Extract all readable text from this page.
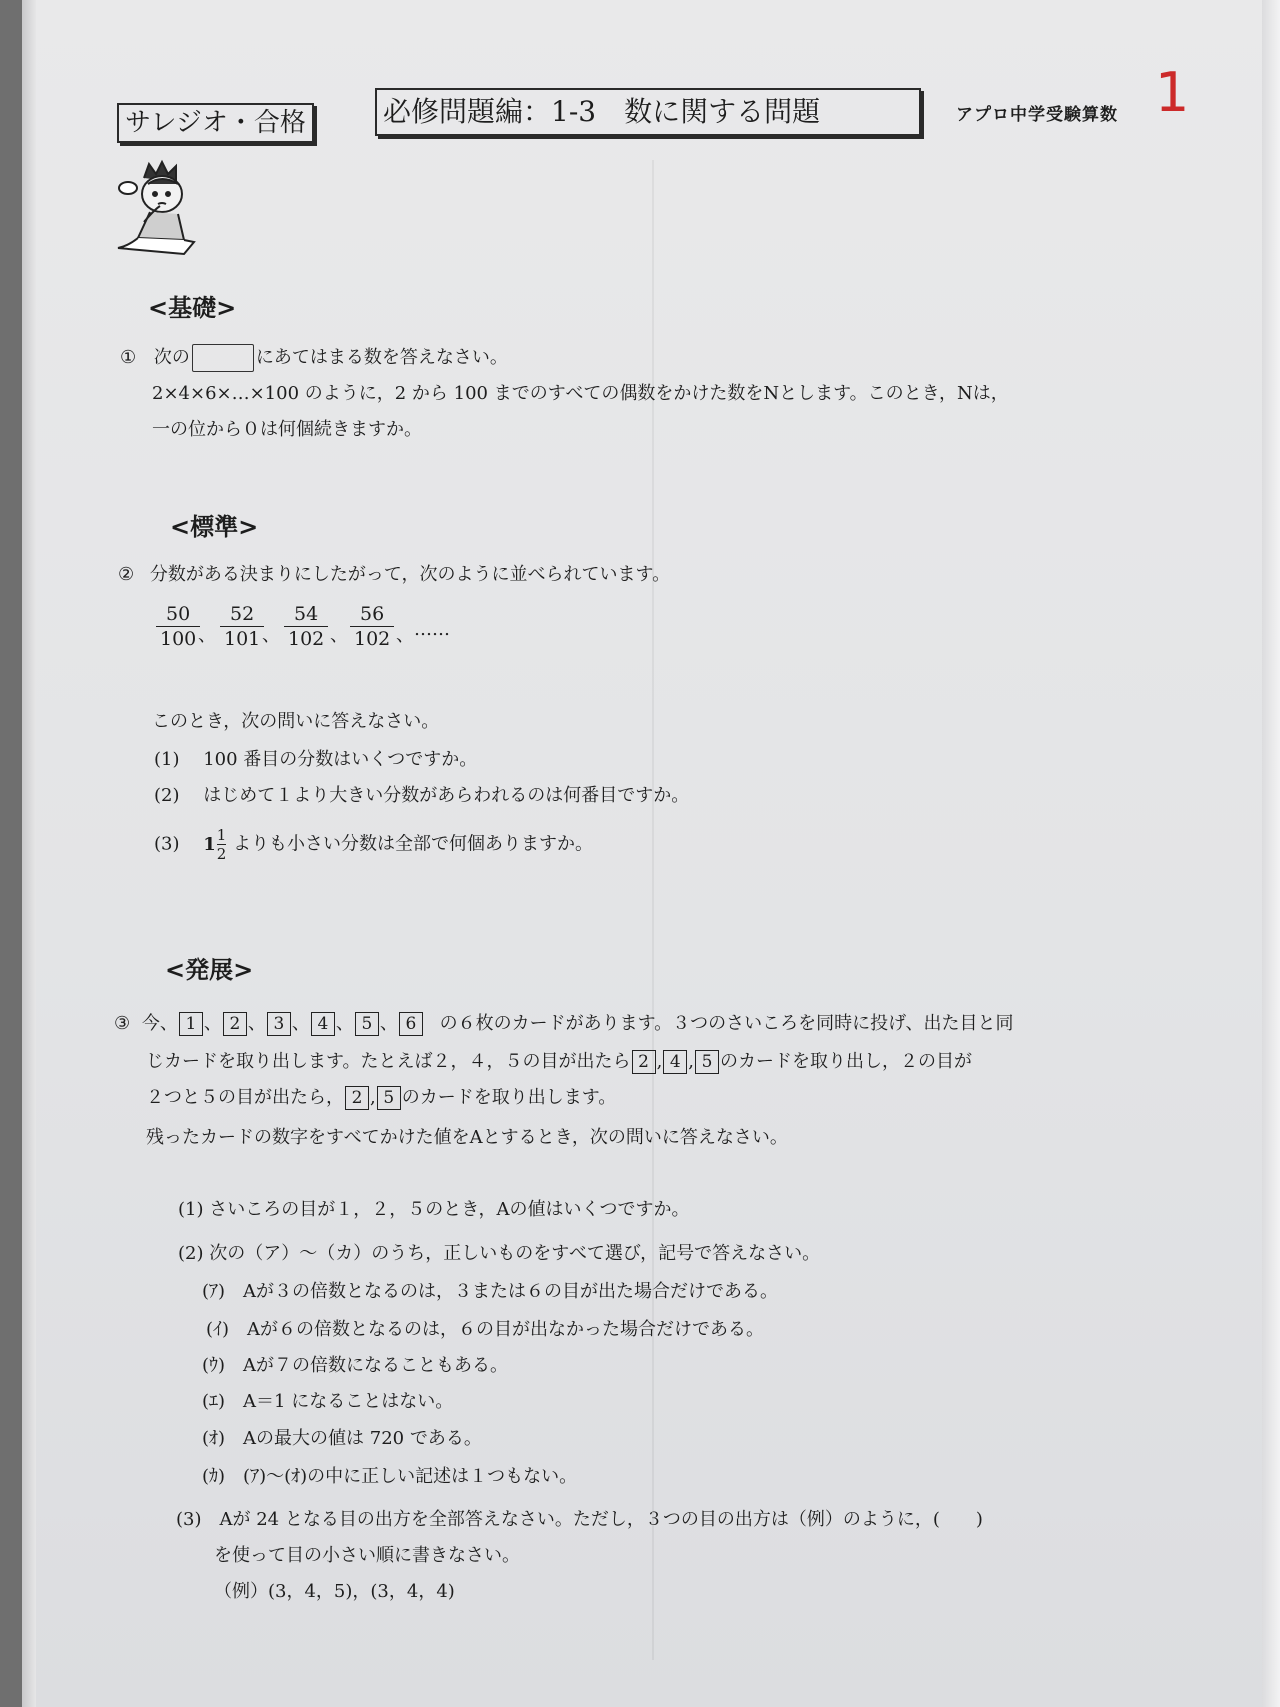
サレジオ・合格	必修問題編：1-3　数に関する問題	アプロ中学受験算数 1
<基礎>
① 次の	にあてはまる数を答えなさい。
2×4×6×…×100 のように，2 から 100 までのすべての偶数をかけた数をNとします。このとき，Nは，
一の位から０は何個続きますか。
<標準>
② 分数がある決まりにしたがって，次のように並べられています。
$\frac{50}{100}$
、 $\frac{52}{101}$
、 $\frac{54}{102}$ 、 $\frac{56}{102}$ 、 ……
このとき，次の問いに答えなさい。
(1) 100 番目の分数はいくつですか。
(2) はじめて１より大きい分数があらわれるのは何番目ですか。
(3) $1 \frac{1}{2}$ よりも小さい分数は全部で何個ありますか。
<発展>
③ 今、 1 、 2 、 3 、 4 、 5 、 6 の６枚のカードがあります。３つのさいころを同時に投げ、出た目と同
じカードを取り出します。たとえば２，４，５の目が出たら 2 , 4 , 5 のカードを取り出し，２の目が
２つと５の目が出たら， 2 , 5 のカードを取り出します。
残ったカードの数字をすべてかけた値をAとするとき，次の問いに答えなさい。
(1) さいころの目が１，２，５のとき，Aの値はいくつですか。
(2) 次の（ア）～（カ）のうち，正しいものをすべて選び，記号で答えなさい。
(ｱ)　Aが３の倍数となるのは，３または６の目が出た場合だけである。
(ｲ)　Aが６の倍数となるのは，６の目が出なかった場合だけである。
(ｳ)　Aが７の倍数になることもある。
(ｴ)　A＝1 になることはない。
(ｵ)　Aの最大の値は 720 である。
(ｶ)　(ｱ)～(ｵ)の中に正しい記述は１つもない。
(3)　Aが 24 となる目の出方を全部答えなさい。ただし，３つの目の出方は（例）のように，(　　)
を使って目の小さい順に書きなさい。
（例）(3，4，5)，(3，4，4)
